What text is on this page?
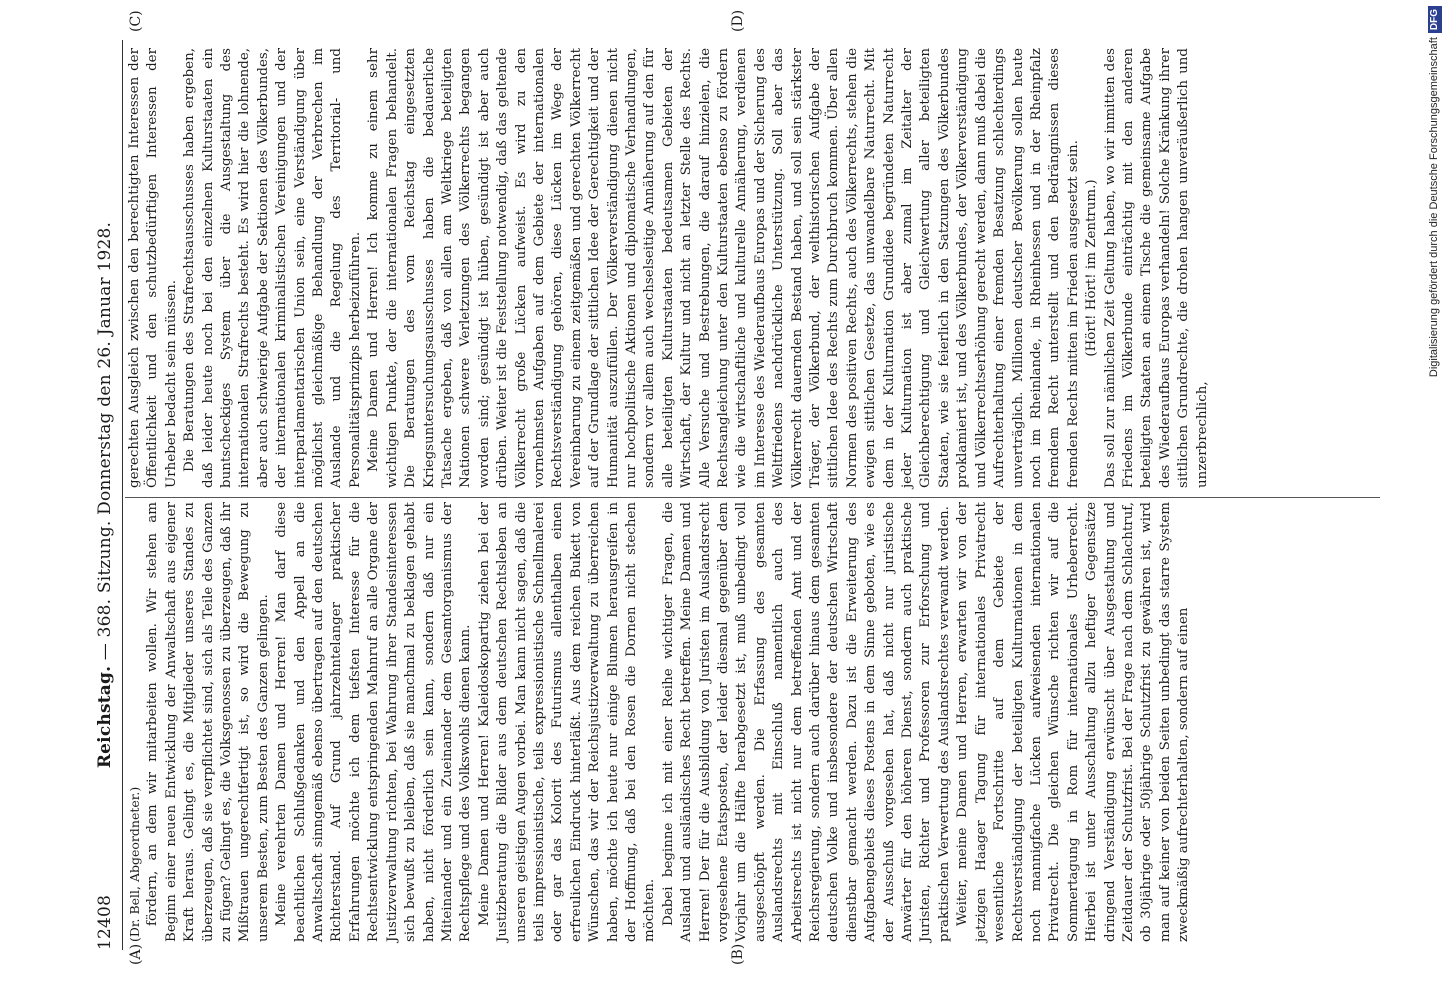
12408
Reichstag. — 368. Sitzung. Donnerstag den 26. Januar 1928.
(A)	(B)
(C)	(D)

(Dr. Bell, Abgeordneter.) fördern, an dem wir mitarbeiten wollen. Wir stehen am Beginn einer neuen Entwicklung der Anwaltschaft aus eigener Kraft heraus. Gelingt es, die Mitglieder unseres Standes zu überzeugen, daß sie verpflichtet sind, sich als Teile des Ganzen zu fügen? Gelingt es, die Volksgenossen zu überzeugen, daß ihr Mißtrauen ungerechtfertigt ist, so wird die Bewegung zu unserem Besten, zum Besten des Ganzen gelingen. Meine verehrten Damen und Herren! Man darf diese beachtlichen Schlußgedanken und den Appell an die Anwaltschaft sinngemäß ebenso übertragen auf den deutschen Richterstand. Auf Grund jahrzehntelanger praktischer Erfahrungen möchte ich dem tiefsten Interesse für die Rechtsentwicklung entspringenden Mahnruf an alle Organe der Justizverwaltung richten, bei Wahrung ihrer Standesinteressen sich bewußt zu bleiben, daß sie manchmal zu beklagen gehabt haben, nicht förderlich sein kann, sondern daß nur ein Miteinander und ein Zueinander dem Gesamtorganismus der Rechtspflege und des Volkswohls dienen kann. Meine Damen und Herren! Kaleidoskopartig ziehen bei der Justizberatung die Bilder aus dem deutschen Rechtsleben an unseren geistigen Augen vorbei. Man kann nicht sagen, daß die teils impressionistische, teils expressionistische Schnellmalerei oder gar das Kolorit des Futurismus allenthalben einen erfreulichen Eindruck hinterläßt. Aus dem reichen Bukett von Wünschen, das wir der Reichsjustizverwaltung zu überreichen haben, möchte ich heute nur einige Blumen herausgreifen in der Hoffnung, daß bei den Rosen die Dornen nicht stechen möchten. Dabei beginne ich mit einer Reihe wichtiger Fragen, die Ausland und ausländisches Recht betreffen. Meine Damen und Herren! Der für die Ausbildung von Juristen im Auslandsrecht vorgesehene Etatsposten, der leider diesmal gegenüber dem Vorjahr um die Hälfte herabgesetzt ist, muß unbedingt voll ausgeschöpft werden. Die Erfassung des gesamten Auslandsrechts mit Einschluß namentlich auch des Arbeitsrechts ist nicht nur dem betreffenden Amt und der Reichsregierung, sondern auch darüber hinaus dem gesamten deutschen Volke und insbesondere der deutschen Wirtschaft dienstbar gemacht werden. Dazu ist die Erweiterung des Aufgabengebiets dieses Postens in dem Sinne geboten, wie es der Ausschuß vorgesehen hat, daß nicht nur juristische Anwärter für den höheren Dienst, sondern auch praktische Juristen, Richter und Professoren zur Erforschung und praktischen Verwertung des Auslandsrechtes verwandt werden. Weiter, meine Damen und Herren, erwarten wir von der jetzigen Haager Tagung für internationales Privatrecht wesentliche Fortschritte auf dem Gebiete der Rechtsverständigung der beteiligten Kulturnationen in dem noch mannigfache Lücken aufweisenden internationalen Privatrecht. Die gleichen Wünsche richten wir auf die Sommertagung in Rom für internationales Urheberrecht. Hierbei ist unter Ausschaltung allzu heftiger Gegensätze dringend Verständigung erwünscht über Ausgestaltung und Zeitdauer der Schutzfrist. Bei der Frage nach dem Schlachtruf, ob 30jährige oder 50jährige Schutzfrist zu gewähren ist, wird man auf keiner von beiden Seiten unbedingt das starre System zweckmäßig aufrechterhalten, sondern auf einen

gerechten Ausgleich zwischen den berechtigten Interessen der Öffentlichkeit und den schutzbedürftigen Interessen der Urheber bedacht sein müssen. Die Beratungen des Strafrechtsausschusses haben ergeben, daß leider heute noch bei den einzelnen Kulturstaaten ein buntscheckiges System über die Ausgestaltung des internationalen Strafrechts besteht. Es wird hier die lohnende, aber auch schwierige Aufgabe der Sektionen des Völkerbundes, der internationalen kriminalistischen Vereinigungen und der interparlamentarischen Union sein, eine Verständigung über möglichst gleichmäßige Behandlung der Verbrechen im Auslande und die Regelung des Territorial- und Personalitätsprinzips herbeizuführen. Meine Damen und Herren! Ich komme zu einem sehr wichtigen Punkte, der die internationalen Fragen behandelt. Die Beratungen des vom Reichstag eingesetzten Kriegsuntersuchungsausschusses haben die bedauerliche Tatsache ergeben, daß von allen am Weltkriege beteiligten Nationen schwere Verletzungen des Völkerrechts begangen worden sind; gesündigt ist hüben, gesündigt ist aber auch drüben. Weiter ist die Feststellung notwendig, daß das geltende Völkerrecht große Lücken aufweist. Es wird zu den vornehmsten Aufgaben auf dem Gebiete der internationalen Rechtsverständigung gehören, diese Lücken im Wege der Vereinbarung zu einem zeitgemäßen und gerechten Völkerrecht auf der Grundlage der sittlichen Idee der Gerechtigkeit und der Humanität auszufüllen. Der Völkerverständigung dienen nicht nur hochpolitische Aktionen und diplomatische Verhandlungen, sondern vor allem auch wechselseitige Annäherung auf den für alle beteiligten Kulturstaaten bedeutsamen Gebieten der Wirtschaft, der Kultur und nicht an letzter Stelle des Rechts. Alle Versuche und Bestrebungen, die darauf hinzielen, die Rechtsangleichung unter den Kulturstaaten ebenso zu fördern wie die wirtschaftliche und kulturelle Annäherung, verdienen im Interesse des Wiederaufbaus Europas und der Sicherung des Weltfriedens nachdrückliche Unterstützung. Soll aber das Völkerrecht dauernden Bestand haben, und soll sein stärkster Träger, der Völkerbund, der welthistorischen Aufgabe der sittlichen Idee des Rechts zum Durchbruch kommen. Über allen Normen des positiven Rechts, auch des Völkerrechts, stehen die ewigen sittlichen Gesetze, das unwandelbare Naturrecht. Mit dem in der Kulturnation Grundidee begründeten Naturrecht jeder Kulturnation ist aber zumal im Zeitalter der Gleichberechtigung und Gleichwertung aller beteiligten Staaten, wie sie feierlich in den Satzungen des Völkerbundes proklamiert ist, und des Völkerbundes, der Völkerverständigung und Völkerrechtserhöhung gerecht werden, dann muß dabei die Aufrechterhaltung einer fremden Besatzung schlechterdings unverträglich. Millionen deutscher Bevölkerung sollen heute noch im Rheinlande, in Rheinhessen und in der Rheinpfalz fremdem Recht unterstellt und den Bedrängnissen dieses fremden Rechts mitten im Frieden ausgesetzt sein. (Hört! Hört! im Zentrum.) Das soll zur nämlichen Zeit Geltung haben, wo wir inmitten des Friedens im Völkerbunde einträchtig mit den anderen beteiligten Staaten an einem Tische die gemeinsame Aufgabe des Wiederaufbaus Europas verhandeln! Solche Kränkung ihrer sittlichen Grundrechte, die drohen hangen unveräußerlich und unzerbrechlich,

Digitalisierung gefördert durch die Deutsche ForschungsgemeinschaftDFG
